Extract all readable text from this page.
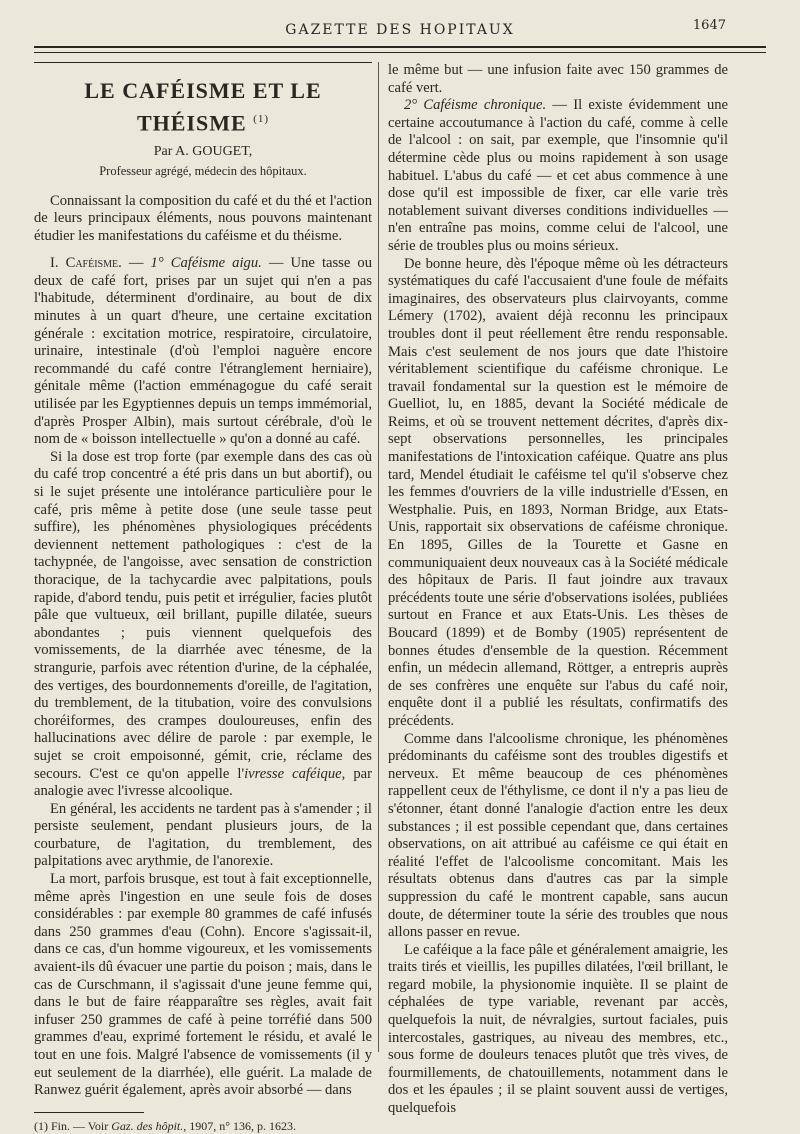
GAZETTE DES HOPITAUX	1647
LE CAFÉISME ET LE THÉISME $^{(1)}$
Par A. GOUGET,
Professeur agrégé, médecin des hôpitaux.

Connaissant la composition du café et du thé et l'action de leurs principaux éléments, nous pouvons maintenant étudier les manifestations du caféisme et du théisme.

I. Caféisme. — 1° Caféisme aigu. — Une tasse ou deux de café fort, prises par un sujet qui n'en a pas l'habitude, déterminent d'ordinaire, au bout de dix minutes à un quart d'heure, une certaine excitation générale : excitation motrice, respiratoire, circulatoire, urinaire, intestinale (d'où l'emploi naguère encore recommandé du café contre l'étranglement herniaire), génitale même (l'action emménagogue du café serait utilisée par les Egyptiennes depuis un temps immémorial, d'après Prosper Albin), mais surtout cérébrale, d'où le nom de « boisson intellectuelle » qu'on a donné au café.

Si la dose est trop forte (par exemple dans des cas où du café trop concentré a été pris dans un but abortif), ou si le sujet présente une intolérance particulière pour le café, pris même à petite dose (une seule tasse peut suffire), les phénomènes physiologiques précédents deviennent nettement pathologiques : c'est de la tachypnée, de l'angoisse, avec sensation de constriction thoracique, de la tachycardie avec palpitations, pouls rapide, d'abord tendu, puis petit et irrégulier, facies plutôt pâle que vultueux, œil brillant, pupille dilatée, sueurs abondantes ; puis viennent quelquefois des vomissements, de la diarrhée avec ténesme, de la strangurie, parfois avec rétention d'urine, de la céphalée, des vertiges, des bourdonnements d'oreille, de l'agitation, du tremblement, de la titubation, voire des convulsions choréiformes, des crampes douloureuses, enfin des hallucinations avec délire de parole : par exemple, le sujet se croit empoisonné, gémit, crie, réclame des secours. C'est ce qu'on appelle l'ivresse caféique, par analogie avec l'ivresse alcoolique.

En général, les accidents ne tardent pas à s'amender ; il persiste seulement, pendant plusieurs jours, de la courbature, de l'agitation, du tremblement, des palpitations avec arythmie, de l'anorexie.

La mort, parfois brusque, est tout à fait exceptionnelle, même après l'ingestion en une seule fois de doses considérables : par exemple 80 grammes de café infusés dans 250 grammes d'eau (Cohn). Encore s'agissait-il, dans ce cas, d'un homme vigoureux, et les vomissements avaient-ils dû évacuer une partie du poison ; mais, dans le cas de Curschmann, il s'agissait d'une jeune femme qui, dans le but de faire réapparaître ses règles, avait fait infuser 250 grammes de café à peine torréfié dans 500 grammes d'eau, exprimé fortement le résidu, et avalé le tout en une fois. Malgré l'absence de vomissements (il y eut seulement de la diarrhée), elle guérit. La malade de Ranwez guérit également, après avoir absorbé — dans

(1) Fin. — Voir Gaz. des hôpit., 1907, n° 136, p. 1623.

le même but — une infusion faite avec 150 grammes de café vert.

2° Caféisme chronique. — Il existe évidemment une certaine accoutumance à l'action du café, comme à celle de l'alcool : on sait, par exemple, que l'insomnie qu'il détermine cède plus ou moins rapidement à son usage habituel. L'abus du café — et cet abus commence à une dose qu'il est impossible de fixer, car elle varie très notablement suivant diverses conditions individuelles — n'en entraîne pas moins, comme celui de l'alcool, une série de troubles plus ou moins sérieux.

De bonne heure, dès l'époque même où les détracteurs systématiques du café l'accusaient d'une foule de méfaits imaginaires, des observateurs plus clairvoyants, comme Lémery (1702), avaient déjà reconnu les principaux troubles dont il peut réellement être rendu responsable. Mais c'est seulement de nos jours que date l'histoire véritablement scientifique du caféisme chronique. Le travail fondamental sur la question est le mémoire de Guelliot, lu, en 1885, devant la Société médicale de Reims, et où se trouvent nettement décrites, d'après dix-sept observations personnelles, les principales manifestations de l'intoxication caféique. Quatre ans plus tard, Mendel étudiait le caféisme tel qu'il s'observe chez les femmes d'ouvriers de la ville industrielle d'Essen, en Westphalie. Puis, en 1893, Norman Bridge, aux Etats-Unis, rapportait six observations de caféisme chronique. En 1895, Gilles de la Tourette et Gasne en communiquaient deux nouveaux cas à la Société médicale des hôpitaux de Paris. Il faut joindre aux travaux précédents toute une série d'observations isolées, publiées surtout en France et aux Etats-Unis. Les thèses de Boucard (1899) et de Bomby (1905) représentent de bonnes études d'ensemble de la question. Récemment enfin, un médecin allemand, Röttger, a entrepris auprès de ses confrères une enquête sur l'abus du café noir, enquête dont il a publié les résultats, confirmatifs des précédents.

Comme dans l'alcoolisme chronique, les phénomènes prédominants du caféisme sont des troubles digestifs et nerveux. Et même beaucoup de ces phénomènes rappellent ceux de l'éthylisme, ce dont il n'y a pas lieu de s'étonner, étant donné l'analogie d'action entre les deux substances ; il est possible cependant que, dans certaines observations, on ait attribué au caféisme ce qui était en réalité l'effet de l'alcoolisme concomitant. Mais les résultats obtenus dans d'autres cas par la simple suppression du café le montrent capable, sans aucun doute, de déterminer toute la série des troubles que nous allons passer en revue.

Le caféique a la face pâle et généralement amaigrie, les traits tirés et vieillis, les pupilles dilatées, l'œil brillant, le regard mobile, la physionomie inquiète. Il se plaint de céphalées de type variable, revenant par accès, quelquefois la nuit, de névralgies, surtout faciales, puis intercostales, gastriques, au niveau des membres, etc., sous forme de douleurs tenaces plutôt que très vives, de fourmillements, de chatouillements, notamment dans le dos et les épaules ; il se plaint souvent aussi de vertiges, quelquefois
